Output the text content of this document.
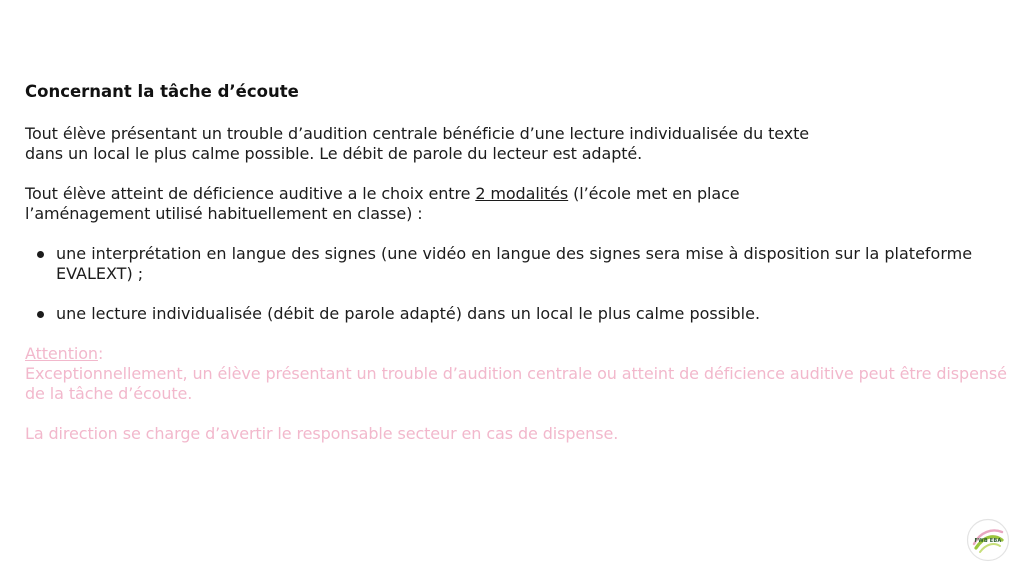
Concernant la tâche d’écoute

Tout élève présentant un trouble d’audition centrale bénéficie d’une lecture individualisée du texte
dans un local le plus calme possible. Le débit de parole du lecteur est adapté.

Tout élève atteint de déficience auditive a le choix entre 2 modalités (l’école met en place
l’aménagement utilisé habituellement en classe) :

une interprétation en langue des signes (une vidéo en langue des signes sera mise à disposition sur la plateforme
EVALEXT) ;
une lecture individualisée (débit de parole adapté) dans un local le plus calme possible.

Attention:
Exceptionnellement, un élève présentant un trouble d’audition centrale ou atteint de déficience auditive peut être dispensé
de la tâche d’écoute.

La direction se charge d’avertir le responsable secteur en cas de dispense.

FWB EBA
